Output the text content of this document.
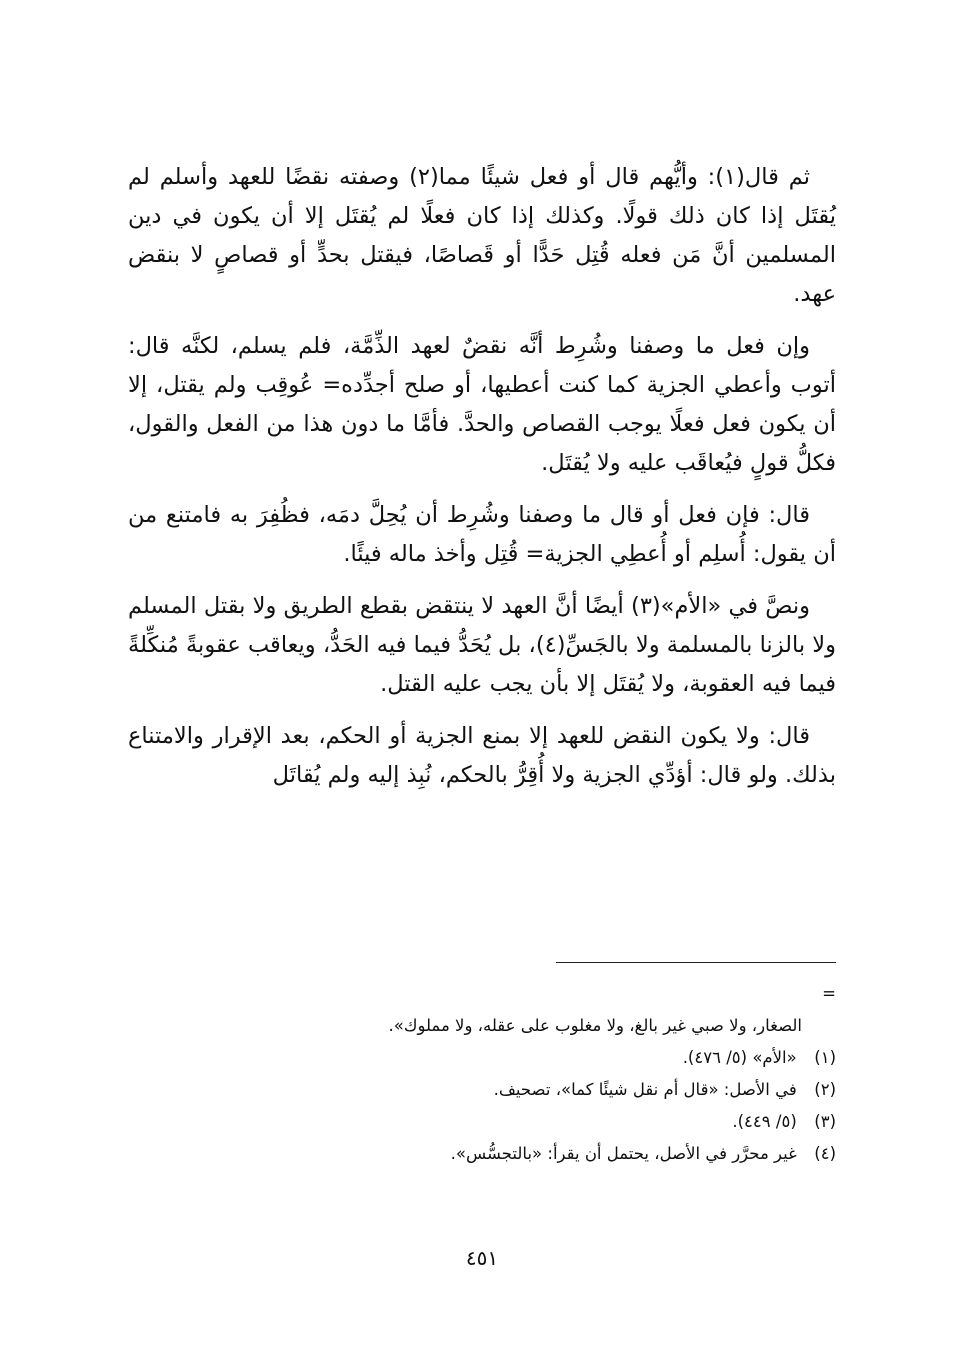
ثم قال(١): وأيُّهم قال أو فعل شيئًا مما(٢) وصفته نقضًا للعهد وأسلم لم يُقتَل إذا كان ذلك قولًا. وكذلك إذا كان فعلًا لم يُقتَل إلا أن يكون في دين المسلمين أنَّ مَن فعله قُتِل حَدًّا أو قَصاصًا، فيقتل بحدٍّ أو قصاصٍ لا بنقض عهد.

وإن فعل ما وصفنا وشُرِط أنَّه نقضٌ لعهد الذِّمَّة، فلم يسلم، لكنَّه قال: أتوب وأعطي الجزية كما كنت أعطيها، أو صلح أجدِّده= عُوقِب ولم يقتل، إلا أن يكون فعل فعلًا يوجب القصاص والحدَّ. فأمَّا ما دون هذا من الفعل والقول، فكلُّ قولٍ فيُعاقَب عليه ولا يُقتَل.

قال: فإن فعل أو قال ما وصفنا وشُرِط أن يُحِلَّ دمَه، فظُفِرَ به فامتنع من أن يقول: أُسلِم أو أُعطِي الجزية= قُتِل وأخذ ماله فيئًا.

ونصَّ في «الأم»(٣) أيضًا أنَّ العهد لا ينتقض بقطع الطريق ولا بقتل المسلم ولا بالزنا بالمسلمة ولا بالجَسِّ(٤)، بل يُحَدُّ فيما فيه الحَدُّ، ويعاقب عقوبةً مُنكِّلةً فيما فيه العقوبة، ولا يُقتَل إلا بأن يجب عليه القتل.

قال: ولا يكون النقض للعهد إلا بمنع الجزية أو الحكم، بعد الإقرار والامتناع بذلك. ولو قال: أؤدِّي الجزية ولا أُقِرُّ بالحكم، نُبِذ إليه ولم يُقاتَل

=
الصغار، ولا صبي غير بالغ، ولا مغلوب على عقله، ولا مملوك».
(١) «الأم» (٥/ ٤٧٦).
(٢) في الأصل: «قال أم نقل شيئًا كما»، تصحيف.
(٣) (٥/ ٤٤٩).
(٤) غير محرَّر في الأصل، يحتمل أن يقرأ: «بالتجسُّس».
٤٥١
